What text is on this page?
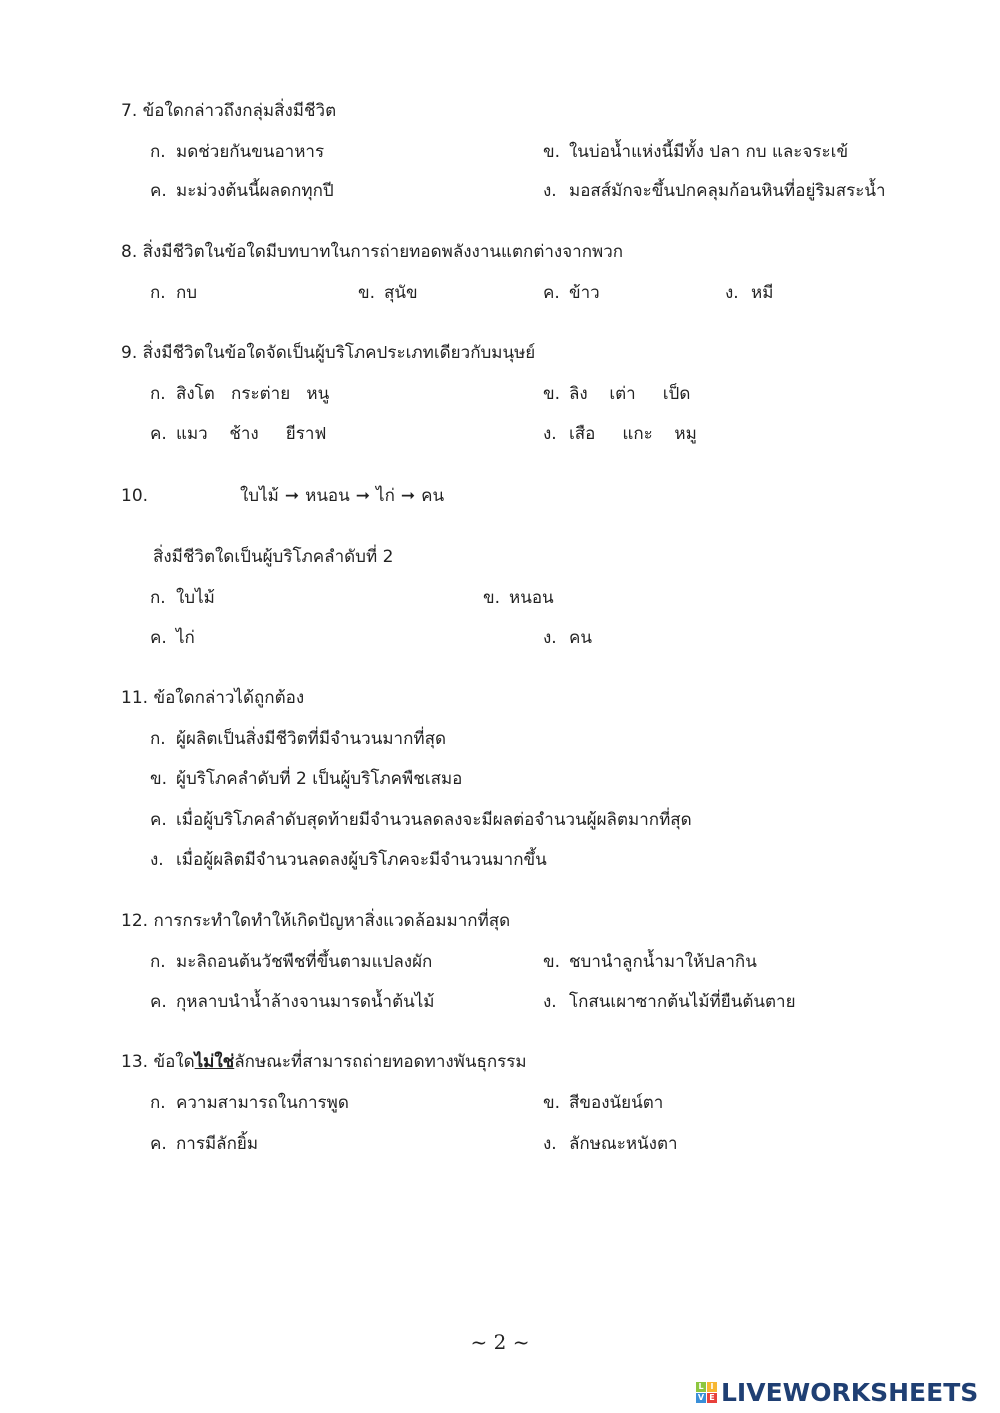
7. ข้อใดกล่าวถึงกลุ่มสิ่งมีชีวิต
ก. มดช่วยกันขนอาหาร	ข. ในบ่อน้ำแห่งนี้มีทั้ง ปลา กบ และจระเข้
ค. มะม่วงต้นนี้ผลดกทุกปี	ง. มอสส์มักจะขึ้นปกคลุมก้อนหินที่อยู่ริมสระน้ำ
8. สิ่งมีชีวิตในข้อใดมีบทบาทในการถ่ายทอดพลังงานแตกต่างจากพวก
ก. กบ	ข. สุนัข	ค. ข้าว	ง. หมี
9. สิ่งมีชีวิตในข้อใดจัดเป็นผู้บริโภคประเภทเดียวกับมนุษย์
ก. สิงโต   กระต่าย   หนู	ข. ลิง    เต่า     เป็ด
ค. แมว    ช้าง     ยีราฟ	ง. เสือ     แกะ    หมู
10.	ใบไม้ ➞ หนอน ➞ ไก่ ➞ คน
สิ่งมีชีวิตใดเป็นผู้บริโภคลำดับที่ 2
ก. ใบไม้	ข. หนอน
ค. ไก่	ง. คน
11. ข้อใดกล่าวได้ถูกต้อง
ก. ผู้ผลิตเป็นสิ่งมีชีวิตที่มีจำนวนมากที่สุด
ข. ผู้บริโภคลำดับที่ 2 เป็นผู้บริโภคพืชเสมอ
ค. เมื่อผู้บริโภคลำดับสุดท้ายมีจำนวนลดลงจะมีผลต่อจำนวนผู้ผลิตมากที่สุด
ง. เมื่อผู้ผลิตมีจำนวนลดลงผู้บริโภคจะมีจำนวนมากขึ้น
12. การกระทำใดทำให้เกิดปัญหาสิ่งแวดล้อมมากที่สุด
ก. มะลิถอนต้นวัชพืชที่ขึ้นตามแปลงผัก	ข. ชบานำลูกน้ำมาให้ปลากิน
ค. กุหลาบนำน้ำล้างจานมารดน้ำต้นไม้	ง. โกสนเผาซากต้นไม้ที่ยืนต้นตาย
13. ข้อใดไม่ใช่ลักษณะที่สามารถถ่ายทอดทางพันธุกรรม
ก. ความสามารถในการพูด	ข. สีของนัยน์ตา
ค. การมีลักยิ้ม	ง. ลักษณะหนังตา
~ 2 ~
L I
V E LIVEWORKSHEETS
